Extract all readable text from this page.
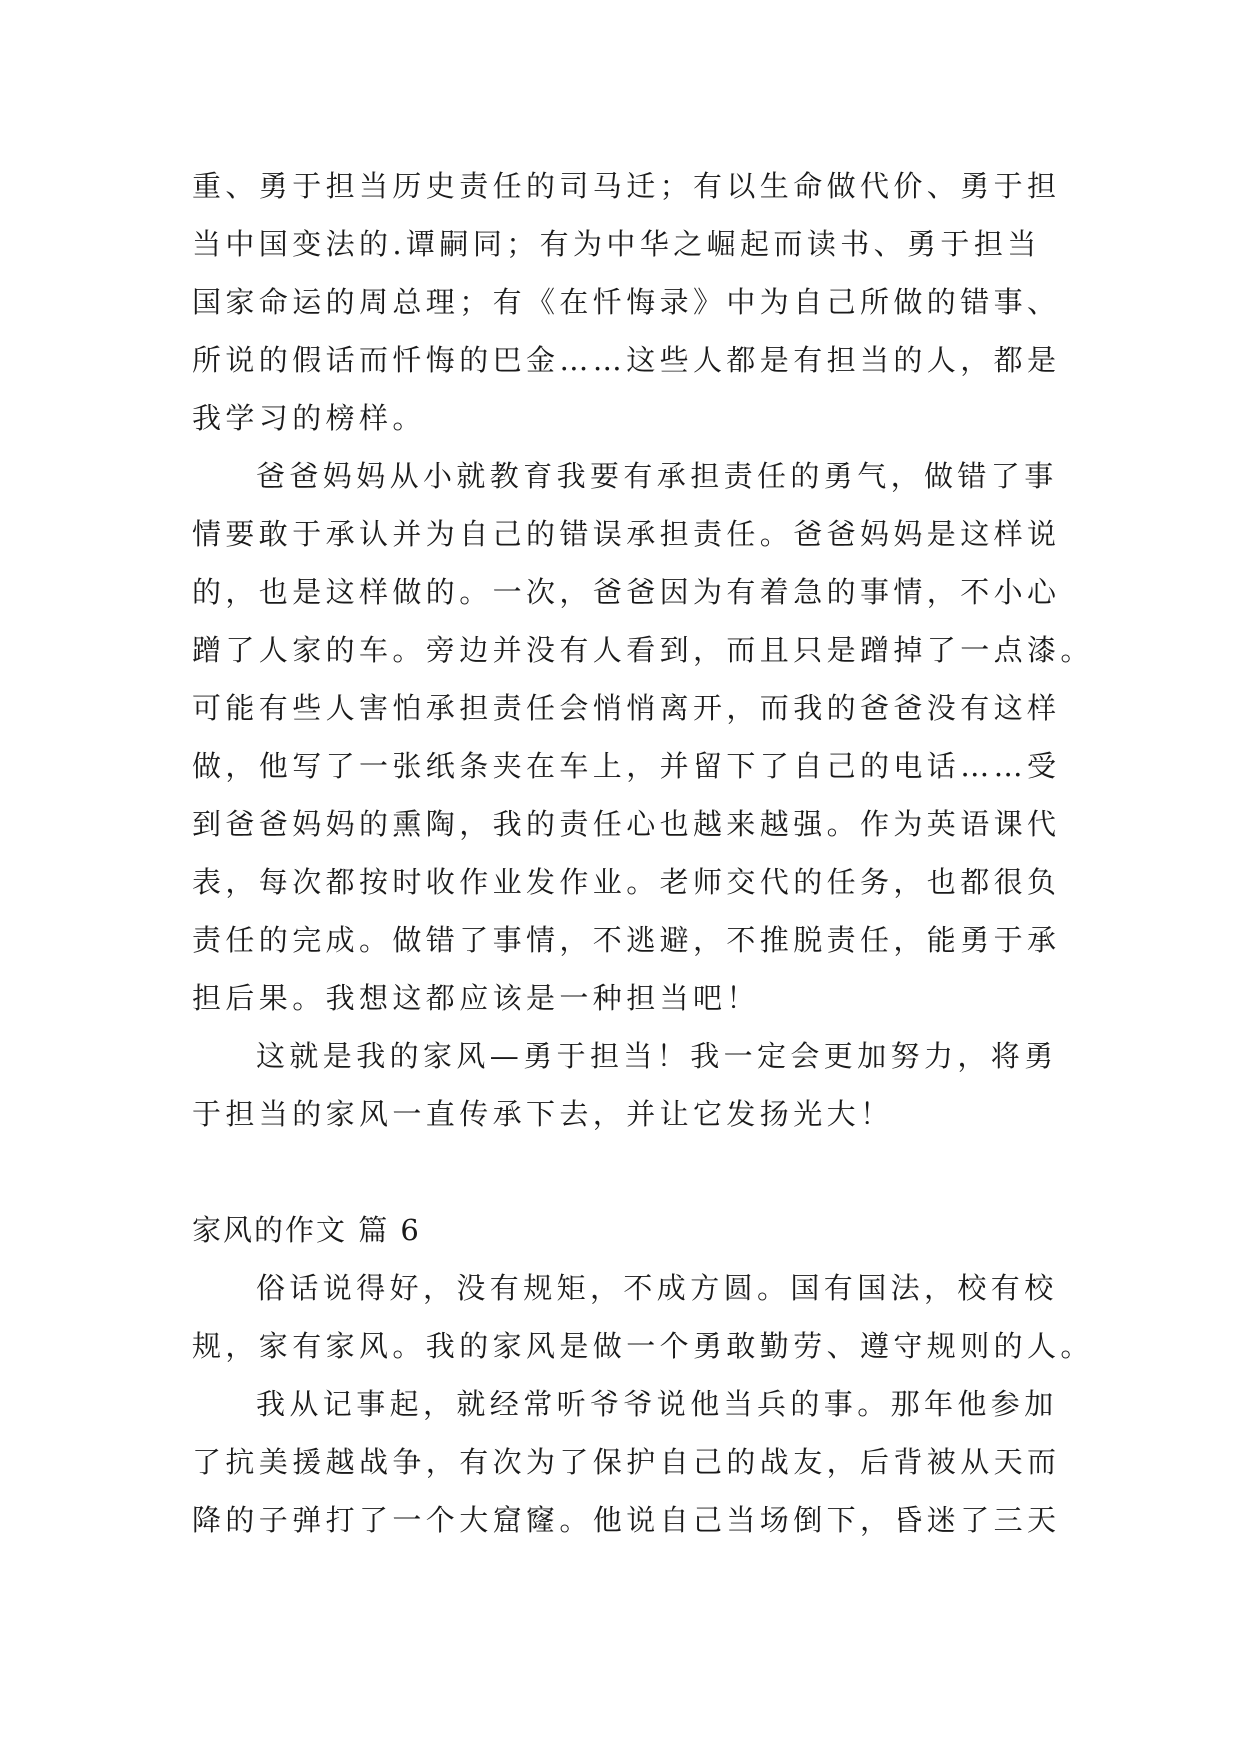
重、勇于担当历史责任的司马迁；有以生命做代价、勇于担
当中国变法的.谭嗣同；有为中华之崛起而读书、勇于担当
国家命运的周总理；有《在忏悔录》中为自己所做的错事、
所说的假话而忏悔的巴金……这些人都是有担当的人，都是
我学习的榜样。
爸爸妈妈从小就教育我要有承担责任的勇气，做错了事
情要敢于承认并为自己的错误承担责任。爸爸妈妈是这样说
的，也是这样做的。一次，爸爸因为有着急的事情，不小心
蹭了人家的车。旁边并没有人看到，而且只是蹭掉了一点漆。
可能有些人害怕承担责任会悄悄离开，而我的爸爸没有这样
做，他写了一张纸条夹在车上，并留下了自己的电话……受
到爸爸妈妈的熏陶，我的责任心也越来越强。作为英语课代
表，每次都按时收作业发作业。老师交代的任务，也都很负
责任的完成。做错了事情，不逃避，不推脱责任，能勇于承
担后果。我想这都应该是一种担当吧！
这就是我的家风—勇于担当！我一定会更加努力，将勇
于担当的家风一直传承下去，并让它发扬光大！
家风的作文 篇 6
俗话说得好，没有规矩，不成方圆。国有国法，校有校
规，家有家风。我的家风是做一个勇敢勤劳、遵守规则的人。
我从记事起，就经常听爷爷说他当兵的事。那年他参加
了抗美援越战争，有次为了保护自己的战友，后背被从天而
降的子弹打了一个大窟窿。他说自己当场倒下，昏迷了三天
